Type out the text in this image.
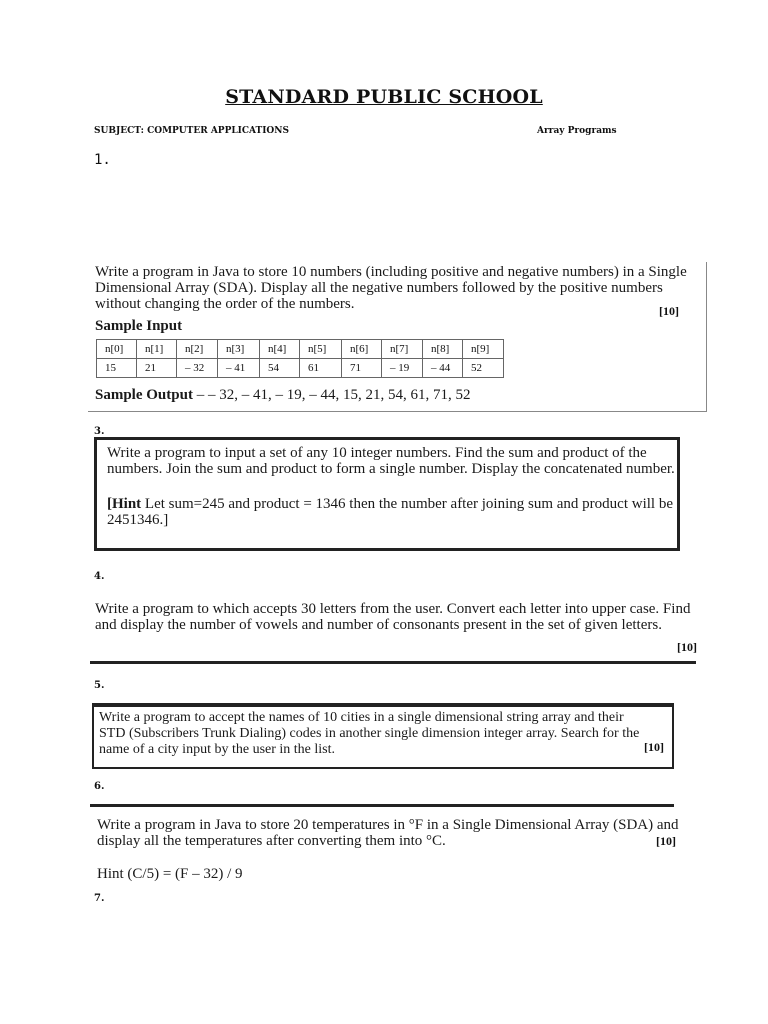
STANDARD PUBLIC SCHOOL
SUBJECT: COMPUTER APPLICATIONS	Array Programs
1.
Write a program in Java to store 10 numbers (including positive and negative numbers) in a Single Dimensional Array (SDA). Display all the negative numbers followed by the positive numbers without changing the order of the numbers.	[10]
Sample Input
n[0]	n[1]	n[2]	n[3]	n[4]	n[5]	n[6]	n[7]	n[8]	n[9]
15	21	– 32	– 41	54	61	71	– 19	– 44	52
Sample Output – – 32, – 41, – 19, – 44, 15, 21, 54, 61, 71, 52
3.
Write a program to input a set of any 10 integer numbers. Find the sum and product of the numbers. Join the sum and product to form a single number. Display the concatenated number.
[Hint Let sum=245 and product = 1346 then the number after joining sum and product will be 2451346.]
4.
Write a program to which accepts 30 letters from the user. Convert each letter into upper case. Find and display the number of vowels and number of consonants present in the set of given letters.
[10]
5.
Write a program to accept the names of 10 cities in a single dimensional string array and their STD (Subscribers Trunk Dialing) codes in another single dimension integer array. Search for the name of a city input by the user in the list.	[10]
6.
Write a program in Java to store 20 temperatures in °F in a Single Dimensional Array (SDA) and display all the temperatures after converting them into °C.	[10]
Hint (C/5) = (F – 32) / 9
7.
